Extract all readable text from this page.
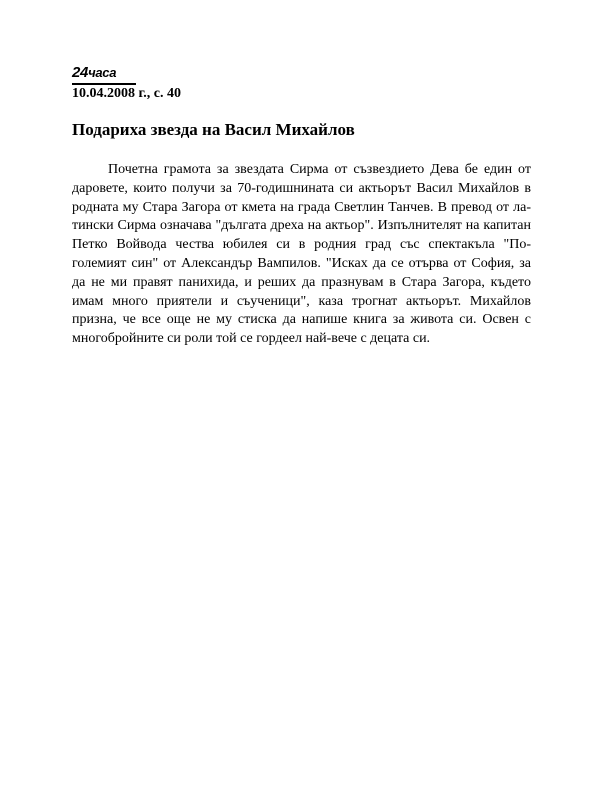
24часа
10.04.2008 г., с. 40
Подариха звезда на Васил Михайлов

Почетна грамота за звездата Сирма от съзвездието Дева бе един от даровете, които получи за 70-годишнината си актьорът Васил Михайлов в родната му Стара Загора от кмета на града Светлин Танчев. В превод от ла-тински Сирма означава "дългата дреха на актьор". Изпълнителят на капитан Петко Войвода чества юбилея си в родния град със спектакъла "По-големият син" от Александър Вампилов. "Исках да се отърва от София, за да не ми правят панихида, и реших да празнувам в Стара Загора, където имам много приятели и съученици", каза трогнат актьорът. Михайлов призна, че все още не му стиска да напише книга за живота си. Освен с многобройните си роли той се гордеел най-вече с децата си.
